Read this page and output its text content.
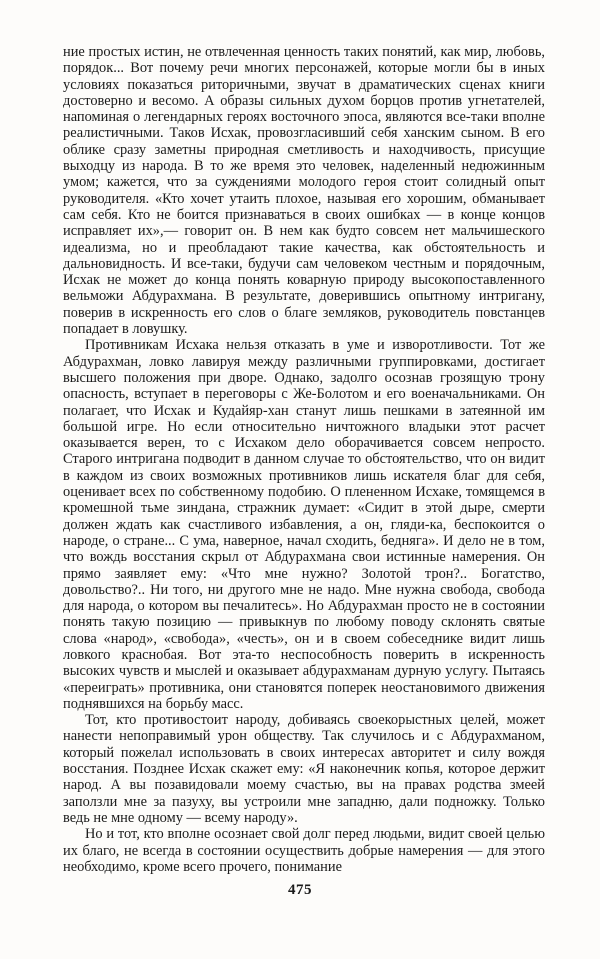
ние простых истин, не отвлеченная ценность таких понятий, как мир, любовь, порядок... Вот почему речи многих персонажей, которые могли бы в иных условиях показаться риторичными, звучат в драматических сценах книги достоверно и весомо. А образы сильных духом борцов против угнетателей, напоминая о легендарных героях восточного эпоса, являются все-таки вполне реалистичными. Таков Исхак, провозгласивший себя ханским сыном. В его облике сразу заметны природная сметливость и находчивость, присущие выходцу из народа. В то же время это человек, наделенный недюжинным умом; кажется, что за суждениями молодого героя стоит солидный опыт руководителя. «Кто хочет утаить плохое, называя его хорошим, обманывает сам себя. Кто не боится признаваться в своих ошибках — в конце концов исправляет их»,— говорит он. В нем как будто совсем нет мальчишеского идеализма, но и преобладают такие качества, как обстоятельность и дальновидность. И все-таки, будучи сам человеком честным и порядочным, Исхак не может до конца понять коварную природу высокопоставленного вельможи Абдурахмана. В результате, доверившись опытному интригану, поверив в искренность его слов о благе земляков, руководитель повстанцев попадает в ловушку.

Противникам Исхака нельзя отказать в уме и изворотливости. Тот же Абдурахман, ловко лавируя между различными группировками, достигает высшего положения при дворе. Однако, задолго осознав грозящую трону опасность, вступает в переговоры с Же-Болотом и его военачальниками. Он полагает, что Исхак и Кудайяр-хан станут лишь пешками в затеянной им большой игре. Но если относительно ничтожного владыки этот расчет оказывается верен, то с Исхаком дело оборачивается совсем непросто. Старого интригана подводит в данном случае то обстоятельство, что он видит в каждом из своих возможных противников лишь искателя благ для себя, оценивает всех по собственному подобию. О плененном Исхаке, томящемся в кромешной тьме зиндана, стражник думает: «Сидит в этой дыре, смерти должен ждать как счастливого избавления, а он, гляди-ка, беспокоится о народе, о стране... С ума, наверное, начал сходить, бедняга». И дело не в том, что вождь восстания скрыл от Абдурахмана свои истинные намерения. Он прямо заявляет ему: «Что мне нужно? Золотой трон?.. Богатство, довольство?.. Ни того, ни другого мне не надо. Мне нужна свобода, свобода для народа, о котором вы печалитесь». Но Абдурахман просто не в состоянии понять такую позицию — привыкнув по любому поводу склонять святые слова «народ», «свобода», «честь», он и в своем собеседнике видит лишь ловкого краснобая. Вот эта-то неспособность поверить в искренность высоких чувств и мыслей и оказывает абдурахманам дурную услугу. Пытаясь «переиграть» противника, они становятся поперек неостановимого движения поднявшихся на борьбу масс.

Тот, кто противостоит народу, добиваясь своекорыстных целей, может нанести непоправимый урон обществу. Так случилось и с Абдурахманом, который пожелал использовать в своих интересах авторитет и силу вождя восстания. Позднее Исхак скажет ему: «Я наконечник копья, которое держит народ. А вы позавидовали моему счастью, вы на правах родства змеей заползли мне за пазуху, вы устроили мне западню, дали подножку. Только ведь не мне одному — всему народу».

Но и тот, кто вполне осознает свой долг перед людьми, видит своей целью их благо, не всегда в состоянии осуществить добрые намерения — для этого необходимо, кроме всего прочего, понимание

475
